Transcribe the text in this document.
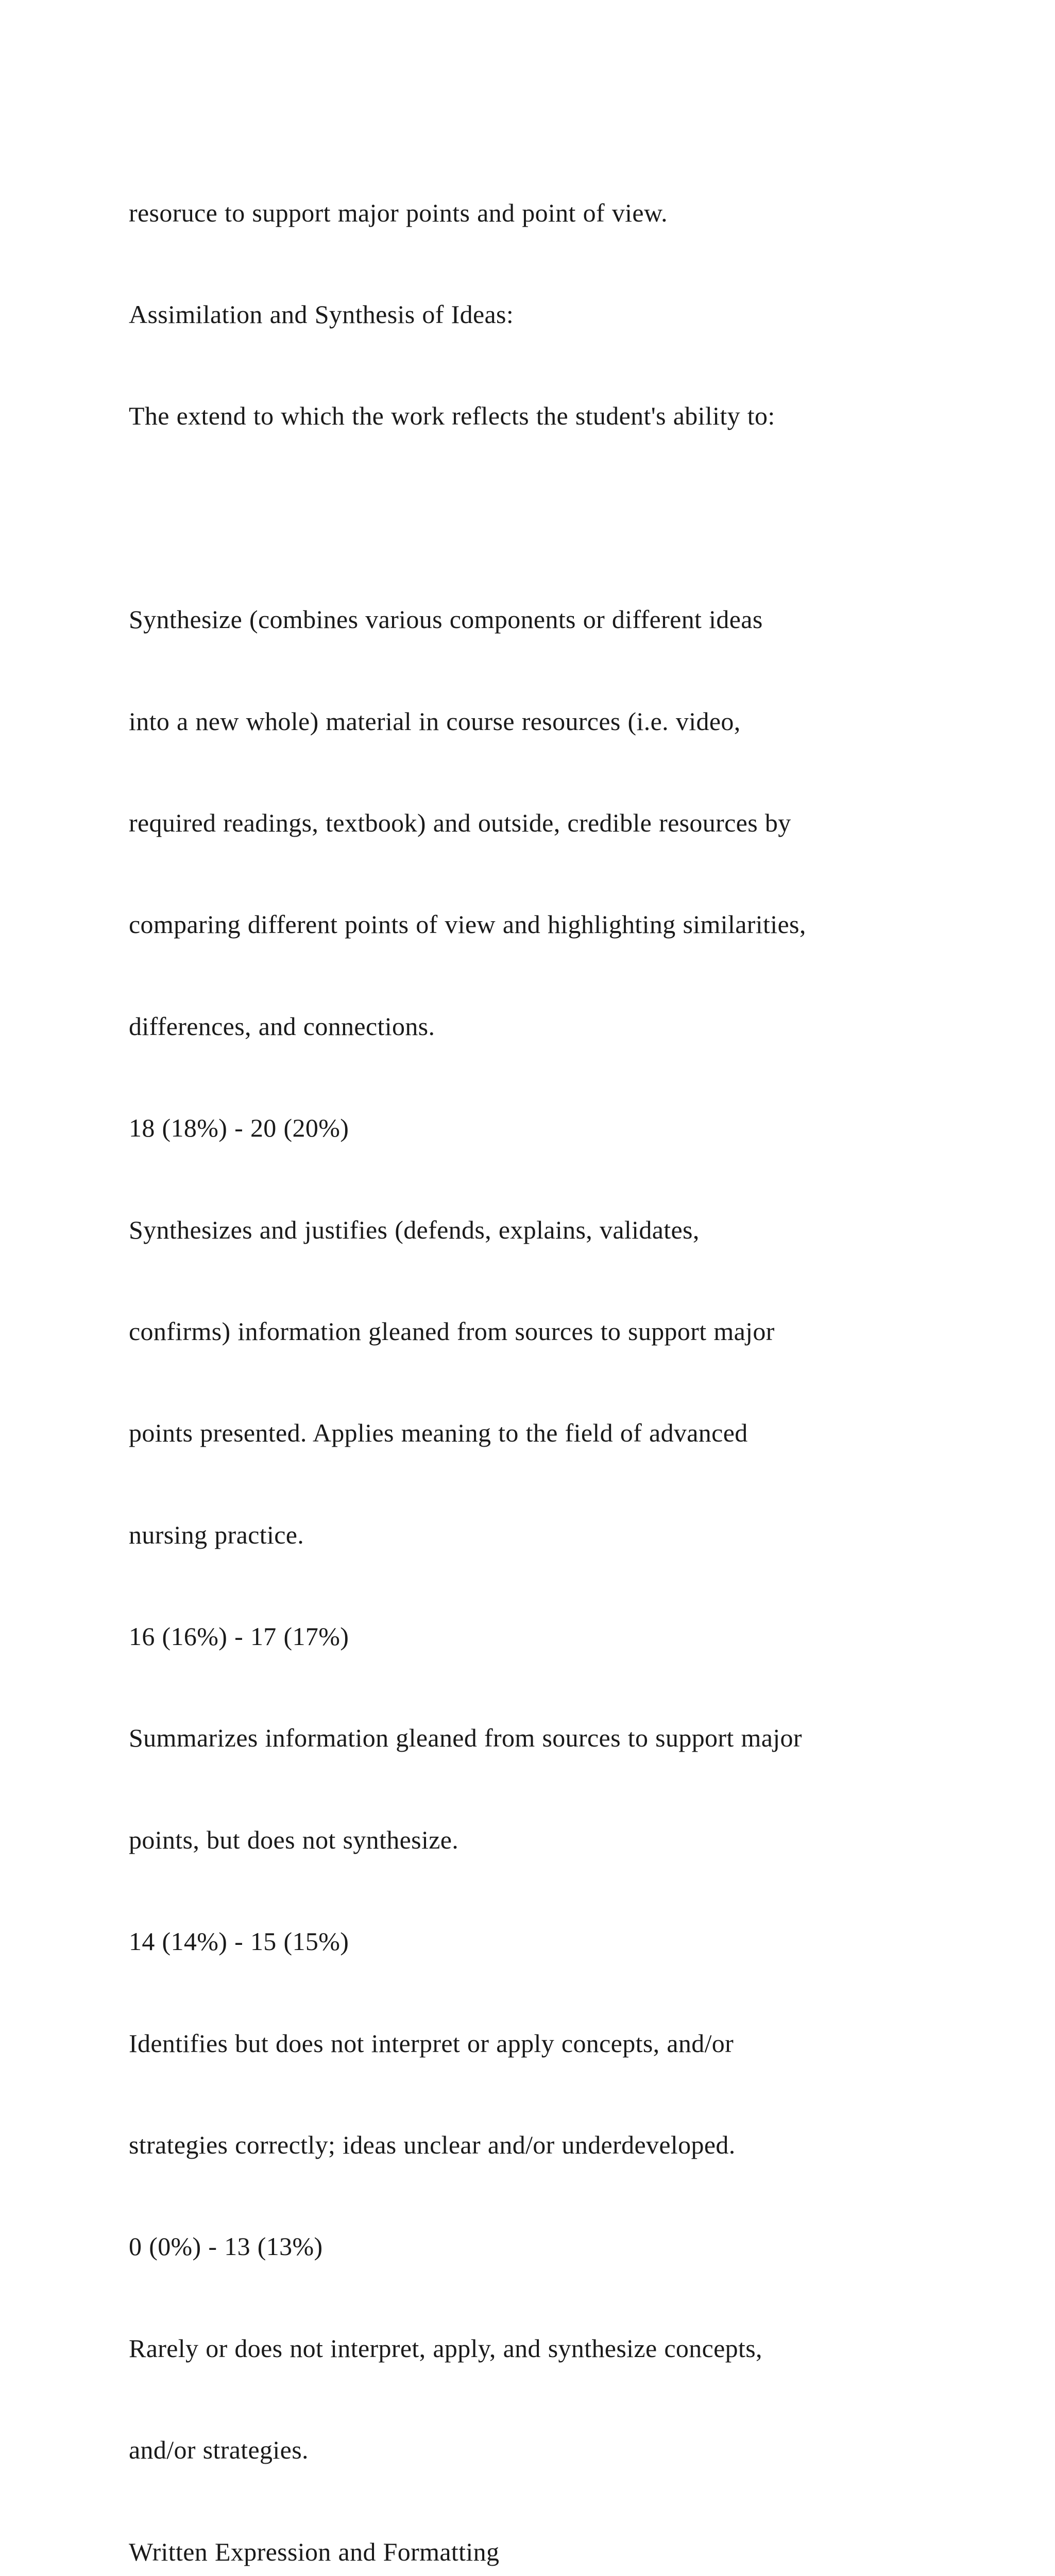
resoruce to support major points and point of view.

Assimilation and Synthesis of Ideas:

The extend to which the work reflects the student's ability to:

Synthesize (combines various components or different ideas

into a new whole) material in course resources (i.e. video,

required readings, textbook) and outside, credible resources by

comparing different points of view and highlighting similarities,

differences, and connections.

18 (18%) - 20 (20%)

Synthesizes and justifies (defends, explains, validates,

confirms) information gleaned from sources to support major

points presented. Applies meaning to the field of advanced

nursing practice.

16 (16%) - 17 (17%)

Summarizes information gleaned from sources to support major

points, but does not synthesize.

14 (14%) - 15 (15%)

Identifies but does not interpret or apply concepts, and/or

strategies correctly; ideas unclear and/or underdeveloped.

0 (0%) - 13 (13%)

Rarely or does not interpret, apply, and synthesize concepts,

and/or strategies.

Written Expression and Formatting
